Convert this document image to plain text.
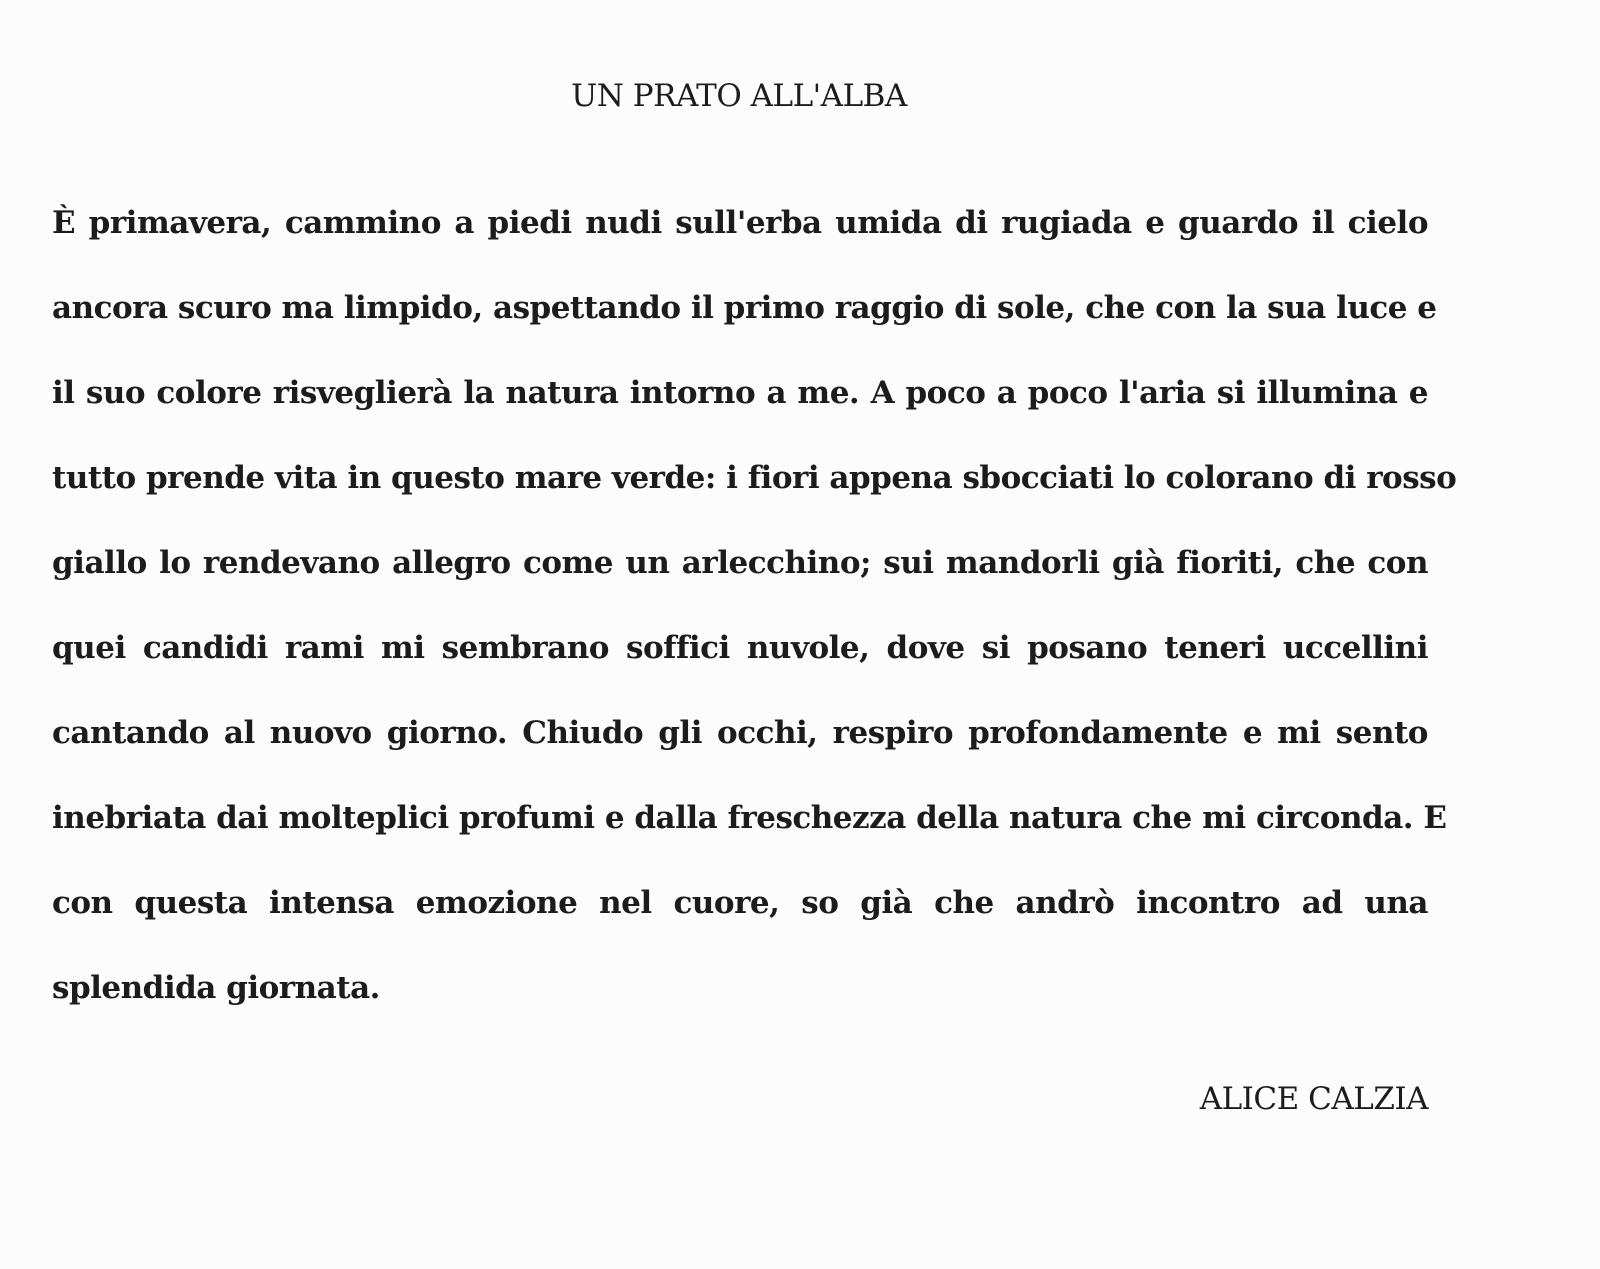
UN PRATO ALL'ALBA
È primavera, cammino a piedi nudi sull'erba umida di rugiada e guardo il cielo
ancora scuro ma limpido, aspettando il primo raggio di sole, che con la sua luce e
il suo colore risveglierà la natura intorno a me. A poco a poco l'aria si illumina e
tutto prende vita in questo mare verde: i fiori appena sbocciati lo colorano di rosso
giallo lo rendevano allegro come un arlecchino; sui mandorli già fioriti, che con
quei candidi rami mi sembrano soffici nuvole, dove si posano teneri uccellini
cantando al nuovo giorno. Chiudo gli occhi, respiro profondamente e mi sento
inebriata dai molteplici profumi e dalla freschezza della natura che mi circonda. E
con questa intensa emozione nel cuore, so già che andrò incontro ad una
splendida giornata.

ALICE CALZIA
